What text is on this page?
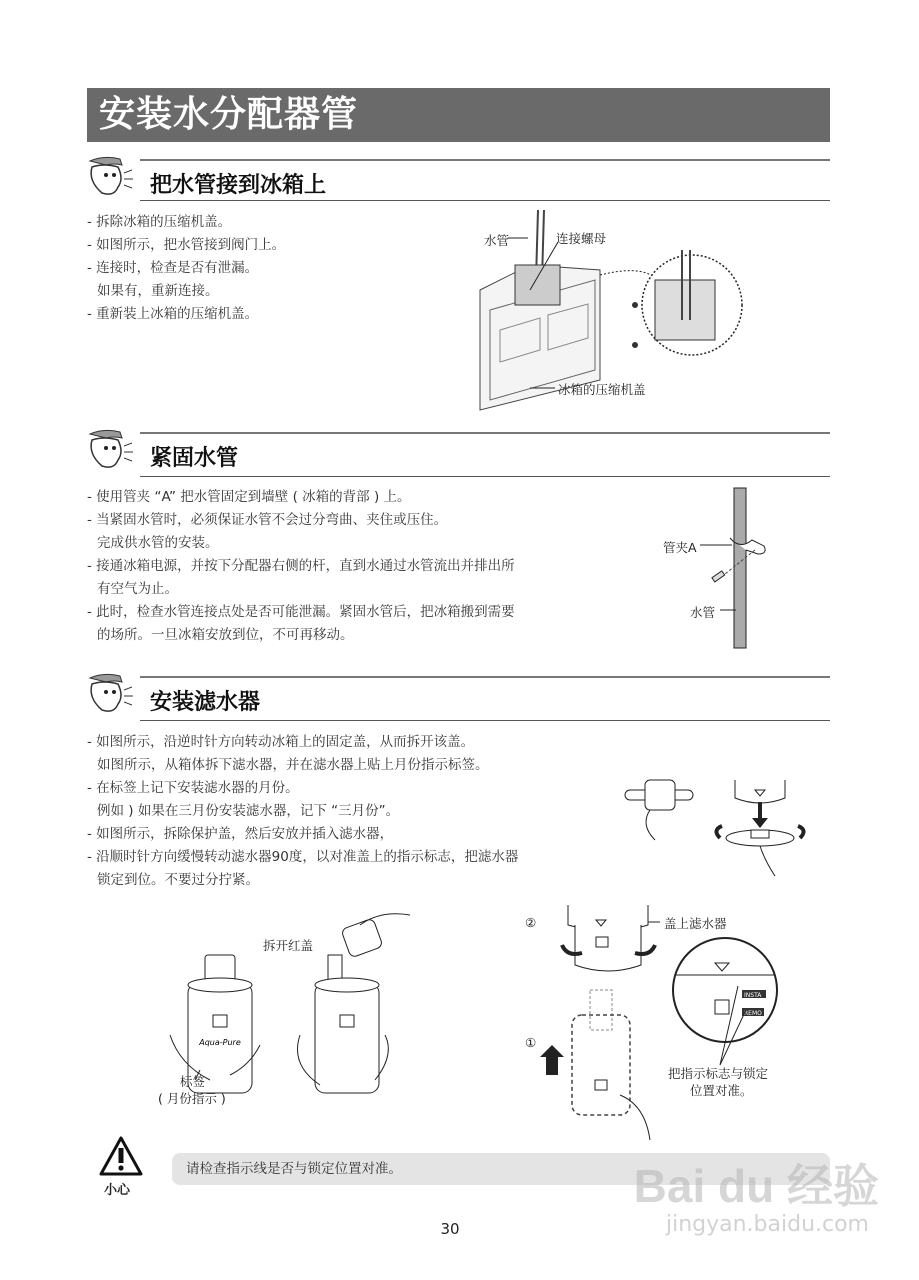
安装水分配器管
把水管接到冰箱上
- 拆除冰箱的压缩机盖。
- 如图所示，把水管接到阀门上。
- 连接时，检查是否有泄漏。
如果有，重新连接。
- 重新装上冰箱的压缩机盖。
水管	连接螺母
冰箱的压缩机盖
紧固水管
- 使用管夹 “A” 把水管固定到墙壁 ( 冰箱的背部 ) 上。
- 当紧固水管时，必须保证水管不会过分弯曲、夹住或压住。
完成供水管的安装。
- 接通冰箱电源，并按下分配器右侧的杆，直到水通过水管流出并排出所
有空气为止。
- 此时，检查水管连接点处是否可能泄漏。紧固水管后，把冰箱搬到需要
的场所。一旦冰箱安放到位，不可再移动。
管夹A
水管
安装滤水器
- 如图所示，沿逆时针方向转动冰箱上的固定盖，从而拆开该盖。
如图所示，从箱体拆下滤水器，并在滤水器上贴上月份指示标签。
- 在标签上记下安装滤水器的月份。
例如 ) 如果在三月份安装滤水器，记下 “三月份”。
- 如图所示，拆除保护盖，然后安放并插入滤水器，
- 沿顺时针方向缓慢转动滤水器90度，以对准盖上的指示标志，把滤水器
锁定到位。不要过分拧紧。
Aqua-Pure
拆开红盖
标签
( 月份指示 )
INSTA
REMO
②
①
盖上滤水器
把指示标志与锁定
位置对准。
小心
请检查指示线是否与锁定位置对准。
30
Bai du 经验
jingyan.baidu.com
